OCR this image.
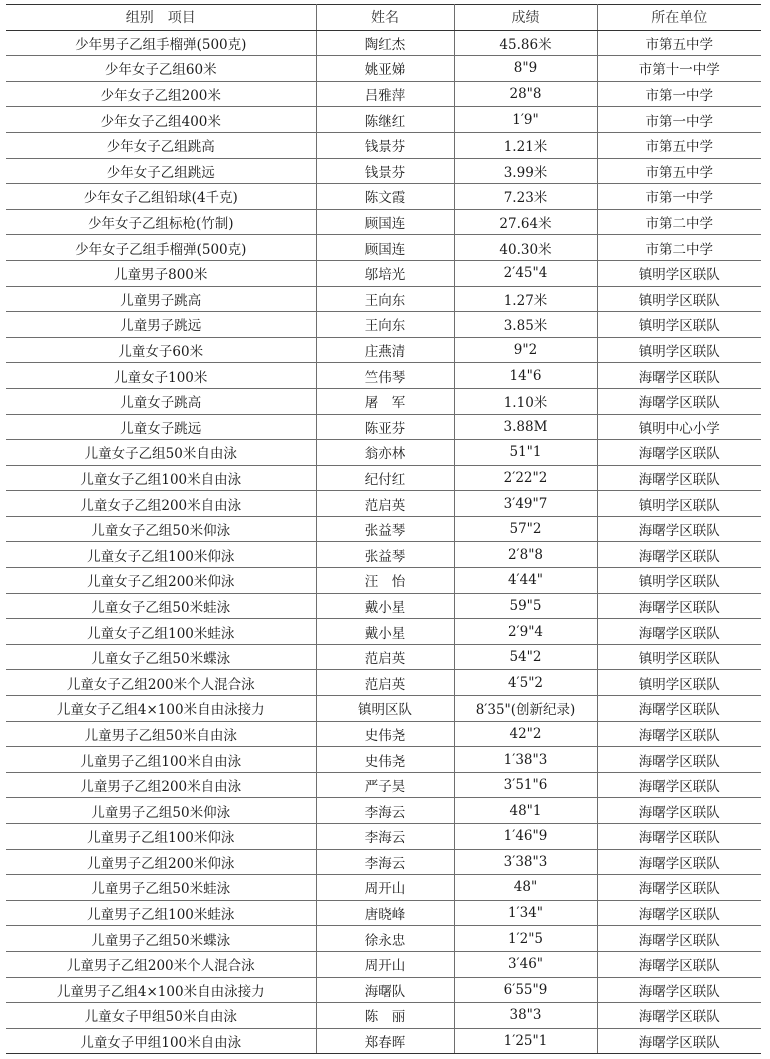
组别　项目	姓名	成绩	所在单位
少年男子乙组手榴弹(500克)	陶红杰	45.86米	市第五中学
少年女子乙组60米	姚亚娣	8"9	市第十一中学
少年女子乙组200米	吕雅萍	28"8	市第一中学
少年女子乙组400米	陈继红	1′9"	市第一中学
少年女子乙组跳高	钱景芬	1.21米	市第五中学
少年女子乙组跳远	钱景芬	3.99米	市第五中学
少年女子乙组铅球(4千克)	陈文霞	7.23米	市第一中学
少年女子乙组标枪(竹制)	顾国连	27.64米	市第二中学
少年女子乙组手榴弹(500克)	顾国连	40.30米	市第二中学
儿童男子800米	邬培光	2′45"4	镇明学区联队
儿童男子跳高	王向东	1.27米	镇明学区联队
儿童男子跳远	王向东	3.85米	镇明学区联队
儿童女子60米	庄燕清	9"2	镇明学区联队
儿童女子100米	竺伟琴	14"6	海曙学区联队
儿童女子跳高	屠　军	1.10米	海曙学区联队
儿童女子跳远	陈亚芬	3.88M	镇明中心小学
儿童女子乙组50米自由泳	翁亦林	51"1	海曙学区联队
儿童女子乙组100米自由泳	纪付红	2′22"2	海曙学区联队
儿童女子乙组200米自由泳	范启英	3′49"7	镇明学区联队
儿童女子乙组50米仰泳	张益琴	57"2	海曙学区联队
儿童女子乙组100米仰泳	张益琴	2′8"8	海曙学区联队
儿童女子乙组200米仰泳	汪　怡	4′44"	镇明学区联队
儿童女子乙组50米蛙泳	戴小星	59"5	海曙学区联队
儿童女子乙组100米蛙泳	戴小星	2′9"4	海曙学区联队
儿童女子乙组50米蝶泳	范启英	54"2	镇明学区联队
儿童女子乙组200米个人混合泳	范启英	4′5"2	镇明学区联队
儿童女子乙组4×100米自由泳接力	镇明区队	8′35"(创新纪录)	海曙学区联队
儿童男子乙组50米自由泳	史伟尧	42"2	海曙学区联队
儿童男子乙组100米自由泳	史伟尧	1′38"3	海曙学区联队
儿童男子乙组200米自由泳	严子昊	3′51"6	海曙学区联队
儿童男子乙组50米仰泳	李海云	48"1	海曙学区联队
儿童男子乙组100米仰泳	李海云	1′46"9	海曙学区联队
儿童男子乙组200米仰泳	李海云	3′38"3	海曙学区联队
儿童男子乙组50米蛙泳	周开山	48"	海曙学区联队
儿童男子乙组100米蛙泳	唐晓峰	1′34"	海曙学区联队
儿童男子乙组50米蝶泳	徐永忠	1′2"5	海曙学区联队
儿童男子乙组200米个人混合泳	周开山	3′46"	海曙学区联队
儿童男子乙组4×100米自由泳接力	海曙队	6′55"9	海曙学区联队
儿童女子甲组50米自由泳	陈　丽	38"3	海曙学区联队
儿童女子甲组100米自由泳	郑春晖	1′25"1	海曙学区联队
